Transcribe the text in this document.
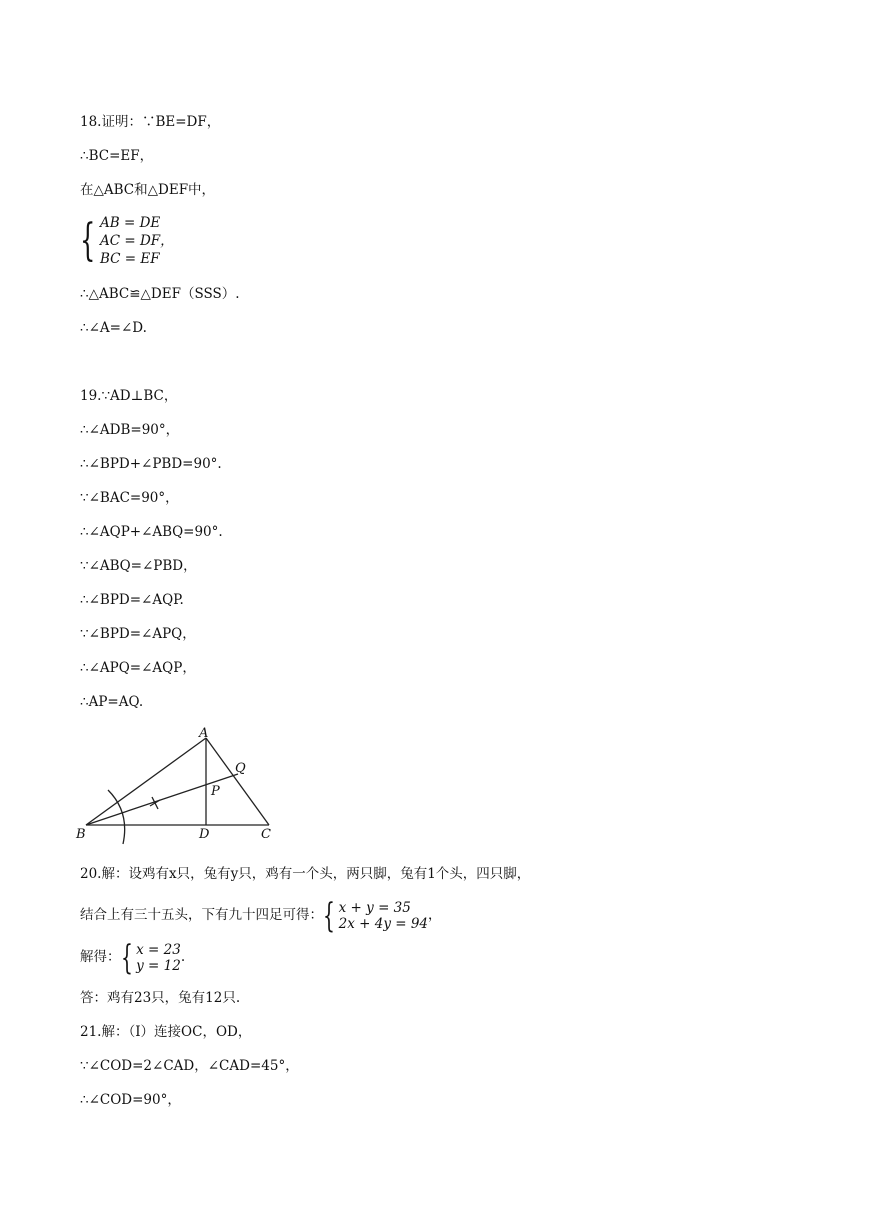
18.证明：∵BE=DF，
∴BC=EF，
在△ABC和△DEF中，
{ AB = DE
AC = DF，
BC = EF
∴△ABC≌△DEF（SSS）.
∴∠A=∠D.
19.∵AD⊥BC，
∴∠ADB=90°，
∴∠BPD+∠PBD=90°.
∵∠BAC=90°，
∴∠AQP+∠ABQ=90°.
∵∠ABQ=∠PBD，
∴∠BPD=∠AQP.
∵∠BPD=∠APQ，
∴∠APQ=∠AQP，
∴AP=AQ.
A
B	C
D
P
Q
20.解：设鸡有x只，兔有y只，鸡有一个头，两只脚，兔有1个头，四只脚，
结合上有三十五头，下有九十四足可得： { x + y = 35
2x + 4y = 94
，
解得： { x = 23
y = 12
.
答：鸡有23只，兔有12只.
21.解：（Ⅰ）连接OC，OD，
∵∠COD=2∠CAD，∠CAD=45°，
∴∠COD=90°，
